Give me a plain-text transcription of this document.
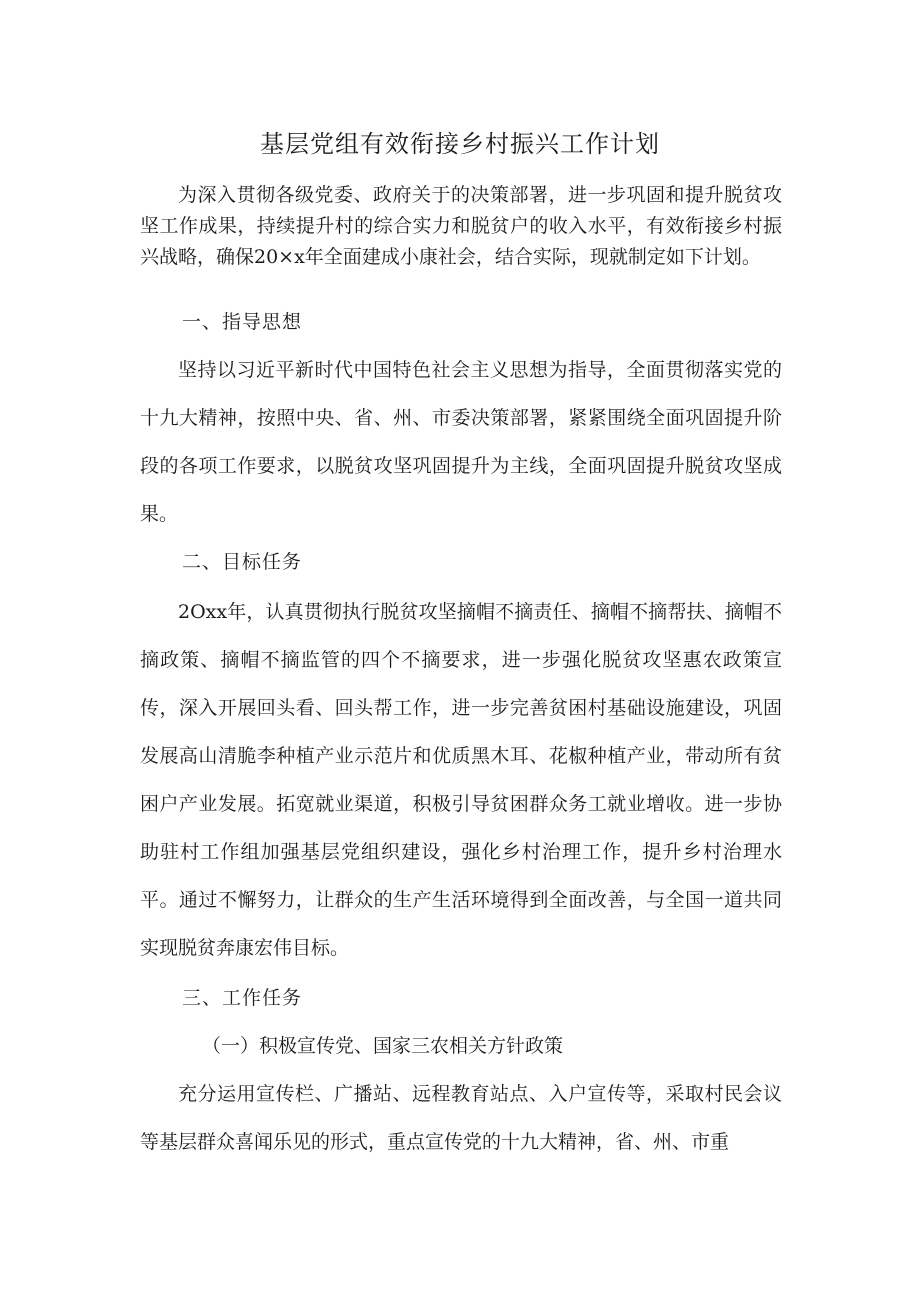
基层党组有效衔接乡村振兴工作计划

为深入贯彻各级党委、政府关于的决策部署，进一步巩固和提升脱贫攻坚工作成果，持续提升村的综合实力和脱贫户的收入水平，有效衔接乡村振兴战略，确保20×x年全面建成小康社会，结合实际，现就制定如下计划。

一、指导思想

坚持以习近平新时代中国特色社会主义思想为指导，全面贯彻落实党的十九大精神，按照中央、省、州、市委决策部署，紧紧围绕全面巩固提升阶段的各项工作要求，以脱贫攻坚巩固提升为主线，全面巩固提升脱贫攻坚成果。

二、目标任务

2Oxx年，认真贯彻执行脱贫攻坚摘帽不摘责任、摘帽不摘帮扶、摘帽不摘政策、摘帽不摘监管的四个不摘要求，进一步强化脱贫攻坚惠农政策宣传，深入开展回头看、回头帮工作，进一步完善贫困村基础设施建设，巩固发展高山清脆李种植产业示范片和优质黑木耳、花椒种植产业，带动所有贫困户产业发展。拓宽就业渠道，积极引导贫困群众务工就业增收。进一步协助驻村工作组加强基层党组织建设，强化乡村治理工作，提升乡村治理水平。通过不懈努力，让群众的生产生活环境得到全面改善，与全国一道共同实现脱贫奔康宏伟目标。

三、工作任务
（一）积极宣传党、国家三农相关方针政策

充分运用宣传栏、广播站、远程教育站点、入户宣传等，采取村民会议等基层群众喜闻乐见的形式，重点宣传党的十九大精神，省、州、市重
